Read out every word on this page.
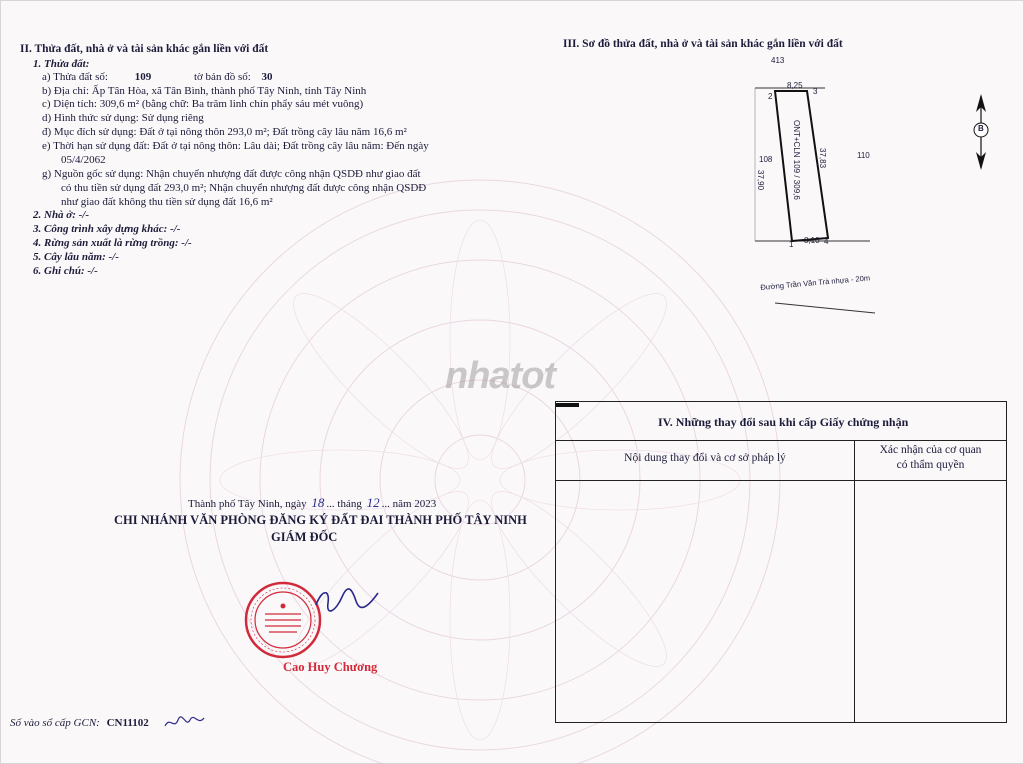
II. Thửa đất, nhà ở và tài sản khác gắn liền với đất
1. Thửa đất:
a) Thửa đất số: 109	tờ bản đồ số: 30
b) Địa chỉ: Ấp Tân Hòa, xã Tân Bình, thành phố Tây Ninh, tỉnh Tây Ninh
c) Diện tích: 309,6 m² (bằng chữ: Ba trăm linh chín phẩy sáu mét vuông)
d) Hình thức sử dụng: Sử dụng riêng
đ) Mục đích sử dụng: Đất ở tại nông thôn 293,0 m²; Đất trồng cây lâu năm 16,6 m²
e) Thời hạn sử dụng đất: Đất ở tại nông thôn: Lâu dài; Đất trồng cây lâu năm: Đến ngày
05/4/2062
g) Nguồn gốc sử dụng: Nhận chuyển nhượng đất được công nhận QSDĐ như giao đất
có thu tiền sử dụng đất 293,0 m²; Nhận chuyển nhượng đất được công nhận QSDĐ
như giao đất không thu tiền sử dụng đất 16,6 m²
2. Nhà ở: -/-
3. Công trình xây dựng khác: -/-
4. Rừng sản xuất là rừng trồng: -/-
5. Cây lâu năm: -/-
6. Ghi chú: -/-
III. Sơ đồ thửa đất, nhà ở và tài sản khác gắn liền với đất
413
8,25
2
3
108	110
37,90
37,83
ONT+CLN 109 / 309,6
1 8,10 4
Đường Trần Văn Trà nhựa - 20m
B
nhatot
Thành phố Tây Ninh, ngày 18 ... tháng 12 ... năm 2023
CHI NHÁNH VĂN PHÒNG ĐĂNG KÝ ĐẤT ĐAI THÀNH PHỐ TÂY NINH
GIÁM ĐỐC
Cao Huy Chương
IV. Những thay đổi sau khi cấp Giấy chứng nhận
Nội dung thay đổi và cơ sở pháp lý
Xác nhận của cơ quan
có thẩm quyền
Số vào sổ cấp GCN: CN11102
